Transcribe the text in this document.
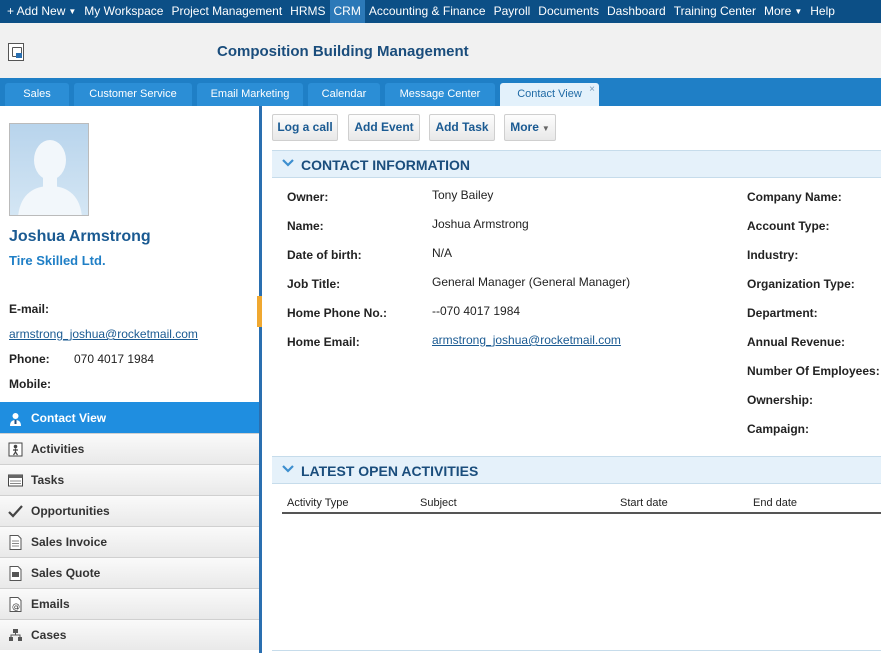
+ Add New ▼ My Workspace Project Management HRMS CRM Accounting & Finance Payroll Documents Dashboard Training Center More ▼ Help
Composition Building Management
Sales	Customer Service	Email Marketing	Calendar	Message Center	Contact View ×
Joshua Armstrong
Tire Skilled Ltd.
E-mail:
armstrong_joshua@rocketmail.com
Phone: 070 4017 1984
Mobile:
Contact View
Activities
Tasks
Opportunities
Sales Invoice
Sales Quote
@ Emails
Cases
Log a call	Add Event	Add Task	More ▼
CONTACT INFORMATION
Owner:	Tony Bailey
Name:	Joshua Armstrong
Date of birth:	N/A
Job Title:	General Manager (General Manager)
Home Phone No.:	--070 4017 1984
Home Email:	armstrong_joshua@rocketmail.com
Company Name:
Account Type:
Industry:
Organization Type:
Department:
Annual Revenue:
Number Of Employees:
Ownership:
Campaign:
LATEST OPEN ACTIVITIES
Activity Type	Subject	Start date	End date
